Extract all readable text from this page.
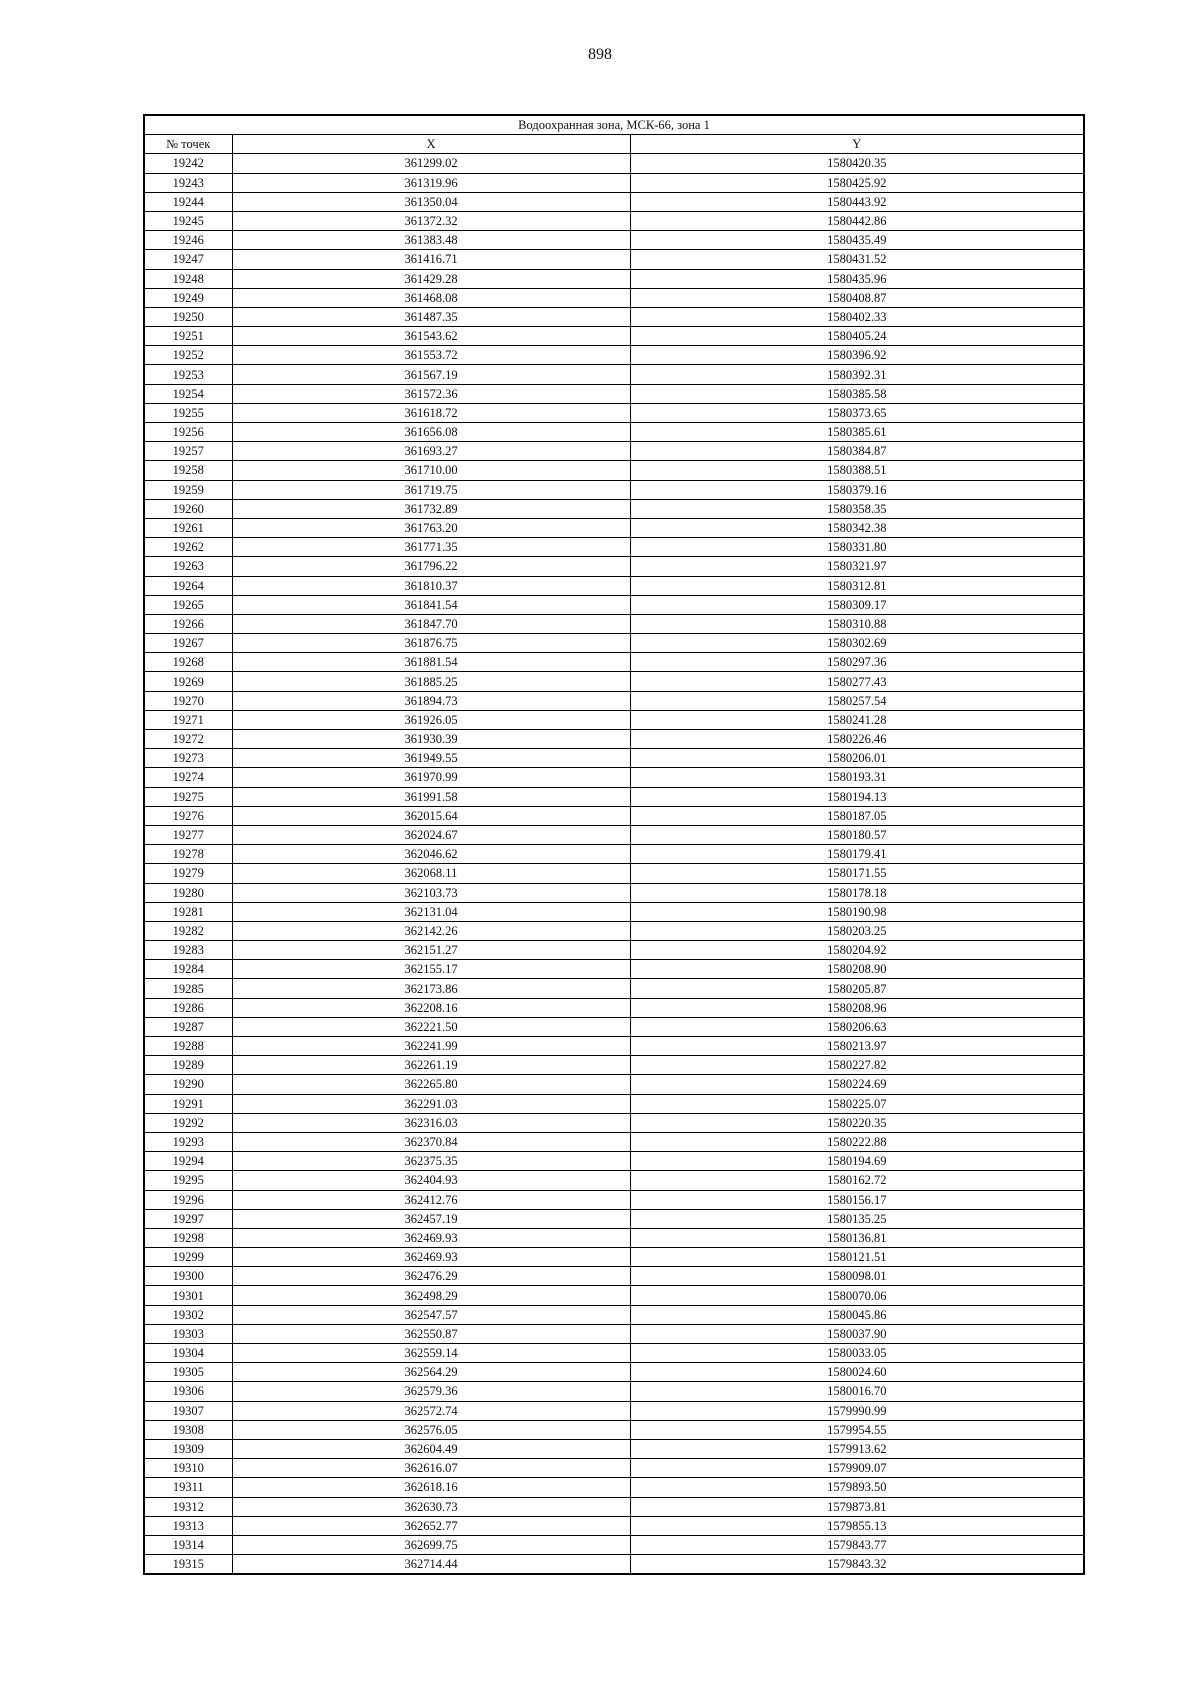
898
Водоохранная зона, МСК-66, зона 1		
№ точек	X	Y
19242	361299.02	1580420.35
19243	361319.96	1580425.92
19244	361350.04	1580443.92
19245	361372.32	1580442.86
19246	361383.48	1580435.49
19247	361416.71	1580431.52
19248	361429.28	1580435.96
19249	361468.08	1580408.87
19250	361487.35	1580402.33
19251	361543.62	1580405.24
19252	361553.72	1580396.92
19253	361567.19	1580392.31
19254	361572.36	1580385.58
19255	361618.72	1580373.65
19256	361656.08	1580385.61
19257	361693.27	1580384.87
19258	361710.00	1580388.51
19259	361719.75	1580379.16
19260	361732.89	1580358.35
19261	361763.20	1580342.38
19262	361771.35	1580331.80
19263	361796.22	1580321.97
19264	361810.37	1580312.81
19265	361841.54	1580309.17
19266	361847.70	1580310.88
19267	361876.75	1580302.69
19268	361881.54	1580297.36
19269	361885.25	1580277.43
19270	361894.73	1580257.54
19271	361926.05	1580241.28
19272	361930.39	1580226.46
19273	361949.55	1580206.01
19274	361970.99	1580193.31
19275	361991.58	1580194.13
19276	362015.64	1580187.05
19277	362024.67	1580180.57
19278	362046.62	1580179.41
19279	362068.11	1580171.55
19280	362103.73	1580178.18
19281	362131.04	1580190.98
19282	362142.26	1580203.25
19283	362151.27	1580204.92
19284	362155.17	1580208.90
19285	362173.86	1580205.87
19286	362208.16	1580208.96
19287	362221.50	1580206.63
19288	362241.99	1580213.97
19289	362261.19	1580227.82
19290	362265.80	1580224.69
19291	362291.03	1580225.07
19292	362316.03	1580220.35
19293	362370.84	1580222.88
19294	362375.35	1580194.69
19295	362404.93	1580162.72
19296	362412.76	1580156.17
19297	362457.19	1580135.25
19298	362469.93	1580136.81
19299	362469.93	1580121.51
19300	362476.29	1580098.01
19301	362498.29	1580070.06
19302	362547.57	1580045.86
19303	362550.87	1580037.90
19304	362559.14	1580033.05
19305	362564.29	1580024.60
19306	362579.36	1580016.70
19307	362572.74	1579990.99
19308	362576.05	1579954.55
19309	362604.49	1579913.62
19310	362616.07	1579909.07
19311	362618.16	1579893.50
19312	362630.73	1579873.81
19313	362652.77	1579855.13
19314	362699.75	1579843.77
19315	362714.44	1579843.32
